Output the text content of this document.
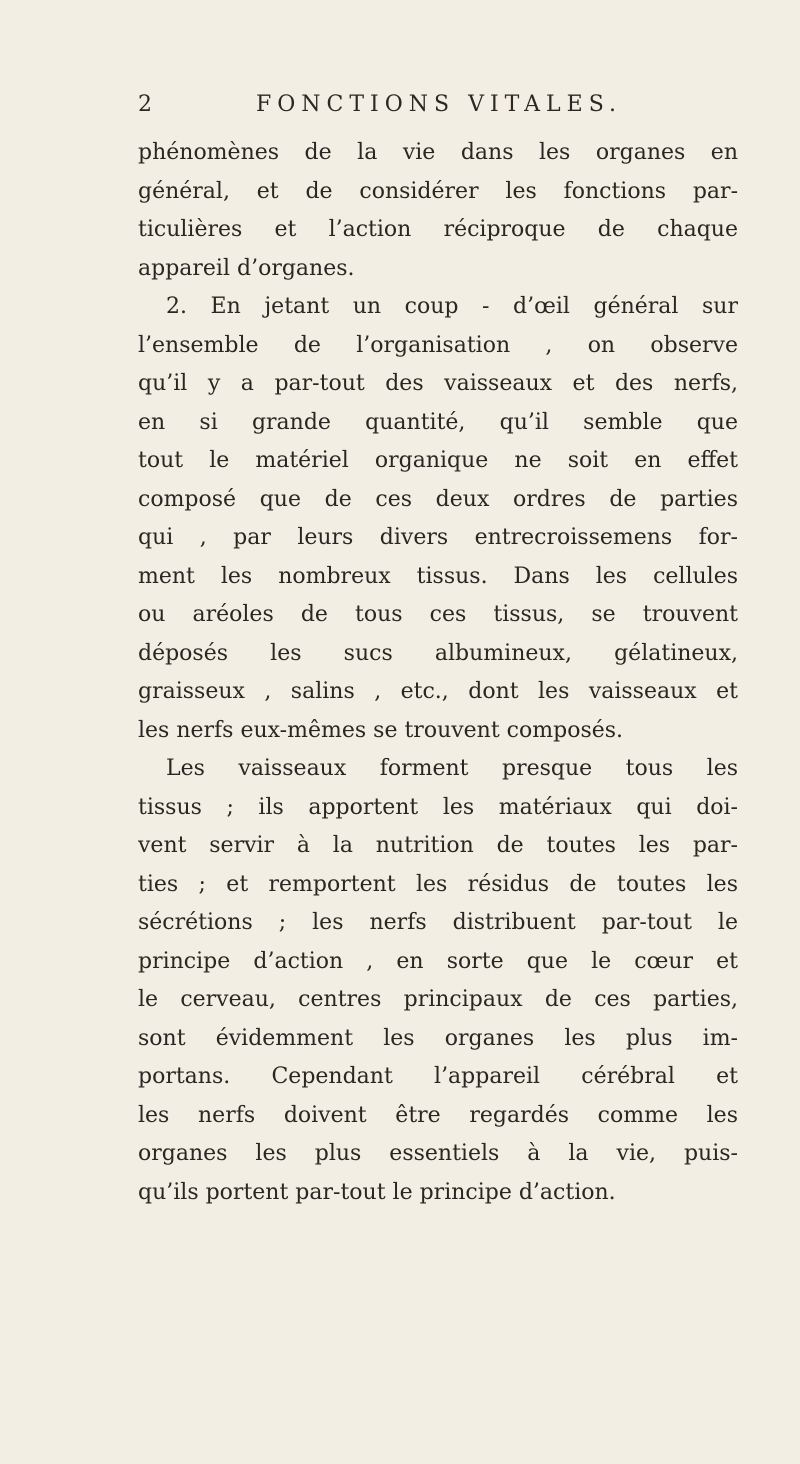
2	FONCTIONS VITALES.
phénomènes de la vie dans les organes en
général, et de considérer les fonctions par-
ticulières et l’action réciproque de chaque
appareil d’organes.
2. En jetant un coup - d’œil général sur
l’ensemble de l’organisation , on observe
qu’il y a par-tout des vaisseaux et des nerfs,
en si grande quantité, qu’il semble que
tout le matériel organique ne soit en effet
composé que de ces deux ordres de parties
qui , par leurs divers entrecroissemens for-
ment les nombreux tissus. Dans les cellules
ou aréoles de tous ces tissus, se trouvent
déposés les sucs albumineux, gélatineux,
graisseux , salins , etc., dont les vaisseaux et
les nerfs eux-mêmes se trouvent composés.
Les vaisseaux forment presque tous les
tissus ; ils apportent les matériaux qui doi-
vent servir à la nutrition de toutes les par-
ties ; et remportent les résidus de toutes les
sécrétions ; les nerfs distribuent par-tout le
principe d’action , en sorte que le cœur et
le cerveau, centres principaux de ces parties,
sont évidemment les organes les plus im-
portans. Cependant l’appareil cérébral et
les nerfs doivent être regardés comme les
organes les plus essentiels à la vie, puis-
qu’ils portent par-tout le principe d’action.
